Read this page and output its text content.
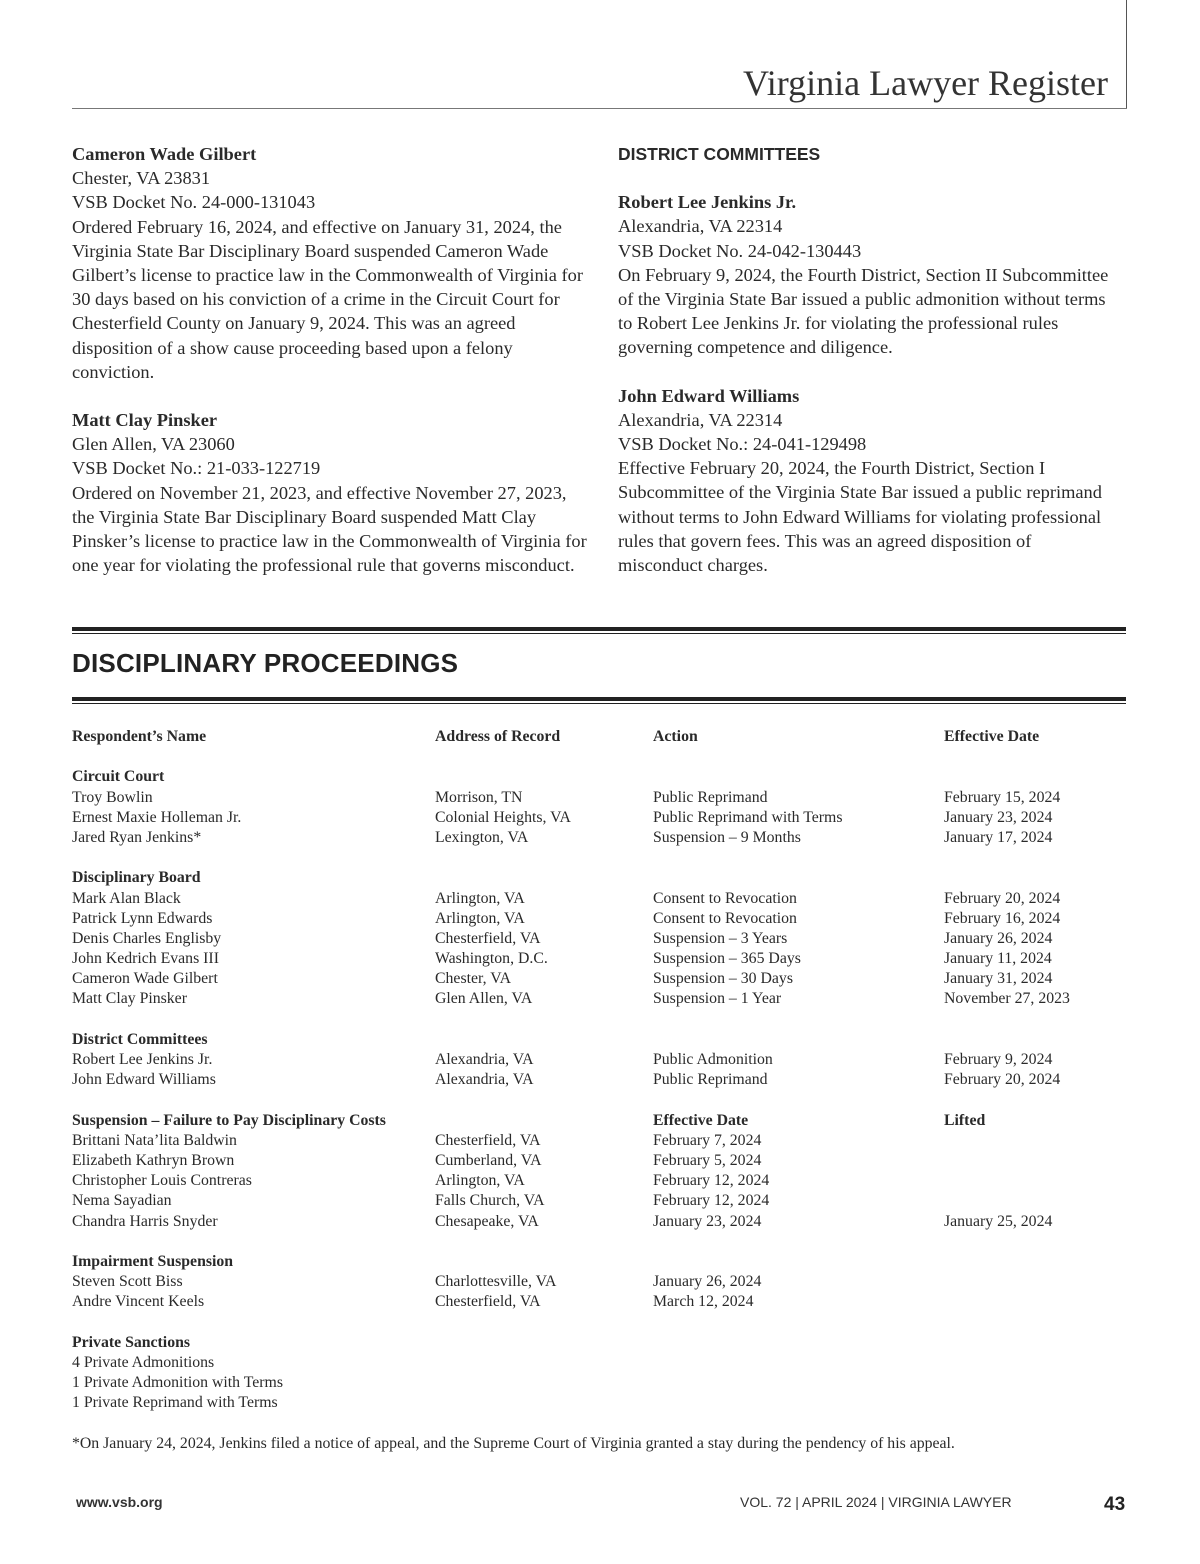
Virginia Lawyer Register

Cameron Wade Gilbert

Chester, VA 23831

VSB Docket No. 24-000-131043

Ordered February 16, 2024, and effective on January 31, 2024, the Virginia State Bar Disciplinary Board suspended Cameron Wade Gilbert’s license to practice law in the Commonwealth of Virginia for 30 days based on his conviction of a crime in the Circuit Court for Chesterfield County on January 9, 2024. This was an agreed disposition of a show cause proceeding based upon a felony conviction.

Matt Clay Pinsker

Glen Allen, VA 23060

VSB Docket No.: 21-033-122719

Ordered on November 21, 2023, and effective November 27, 2023, the Virginia State Bar Disciplinary Board suspended Matt Clay Pinsker’s license to practice law in the Commonwealth of Virginia for one year for violating the professional rule that governs misconduct.

DISTRICT COMMITTEES

Robert Lee Jenkins Jr.

Alexandria, VA 22314

VSB Docket No. 24-042-130443

On February 9, 2024, the Fourth District, Section II Subcommittee of the Virginia State Bar issued a public admonition without terms to Robert Lee Jenkins Jr. for violating the professional rules governing competence and diligence.

John Edward Williams

Alexandria, VA 22314

VSB Docket No.: 24-041-129498

Effective February 20, 2024, the Fourth District, Section I Subcommittee of the Virginia State Bar issued a public reprimand without terms to John Edward Williams for violating professional rules that govern fees. This was an agreed disposition of misconduct charges.

DISCIPLINARY PROCEEDINGS
Respondent’s Name	Address of Record	Action	Effective Date
Circuit Court
Troy Bowlin	Morrison, TN	Public Reprimand	February 15, 2024
Ernest Maxie Holleman Jr.	Colonial Heights, VA	Public Reprimand with Terms	January 23, 2024
Jared Ryan Jenkins*	Lexington, VA	Suspension – 9 Months	January 17, 2024
Disciplinary Board
Mark Alan Black	Arlington, VA	Consent to Revocation	February 20, 2024
Patrick Lynn Edwards	Arlington, VA	Consent to Revocation	February 16, 2024
Denis Charles Englisby	Chesterfield, VA	Suspension – 3 Years	January 26, 2024
John Kedrich Evans III	Washington, D.C.	Suspension – 365 Days	January 11, 2024
Cameron Wade Gilbert	Chester, VA	Suspension – 30 Days	January 31, 2024
Matt Clay Pinsker	Glen Allen, VA	Suspension – 1 Year	November 27, 2023
District Committees
Robert Lee Jenkins Jr.	Alexandria, VA	Public Admonition	February 9, 2024
John Edward Williams	Alexandria, VA	Public Reprimand	February 20, 2024
Suspension – Failure to Pay Disciplinary Costs	Effective Date	Lifted
Brittani Nata’lita Baldwin	Chesterfield, VA	February 7, 2024
Elizabeth Kathryn Brown	Cumberland, VA	February 5, 2024
Christopher Louis Contreras	Arlington, VA	February 12, 2024
Nema Sayadian	Falls Church, VA	February 12, 2024
Chandra Harris Snyder	Chesapeake, VA	January 23, 2024	January 25, 2024
Impairment Suspension
Steven Scott Biss	Charlottesville, VA	January 26, 2024
Andre Vincent Keels	Chesterfield, VA	March 12, 2024
Private Sanctions
4 Private Admonitions
1 Private Admonition with Terms
1 Private Reprimand with Terms
*On January 24, 2024, Jenkins filed a notice of appeal, and the Supreme Court of Virginia granted a stay during the pendency of his appeal.
www.vsb.org	VOL. 72 | APRIL 2024 | VIRGINIA LAWYER	43
